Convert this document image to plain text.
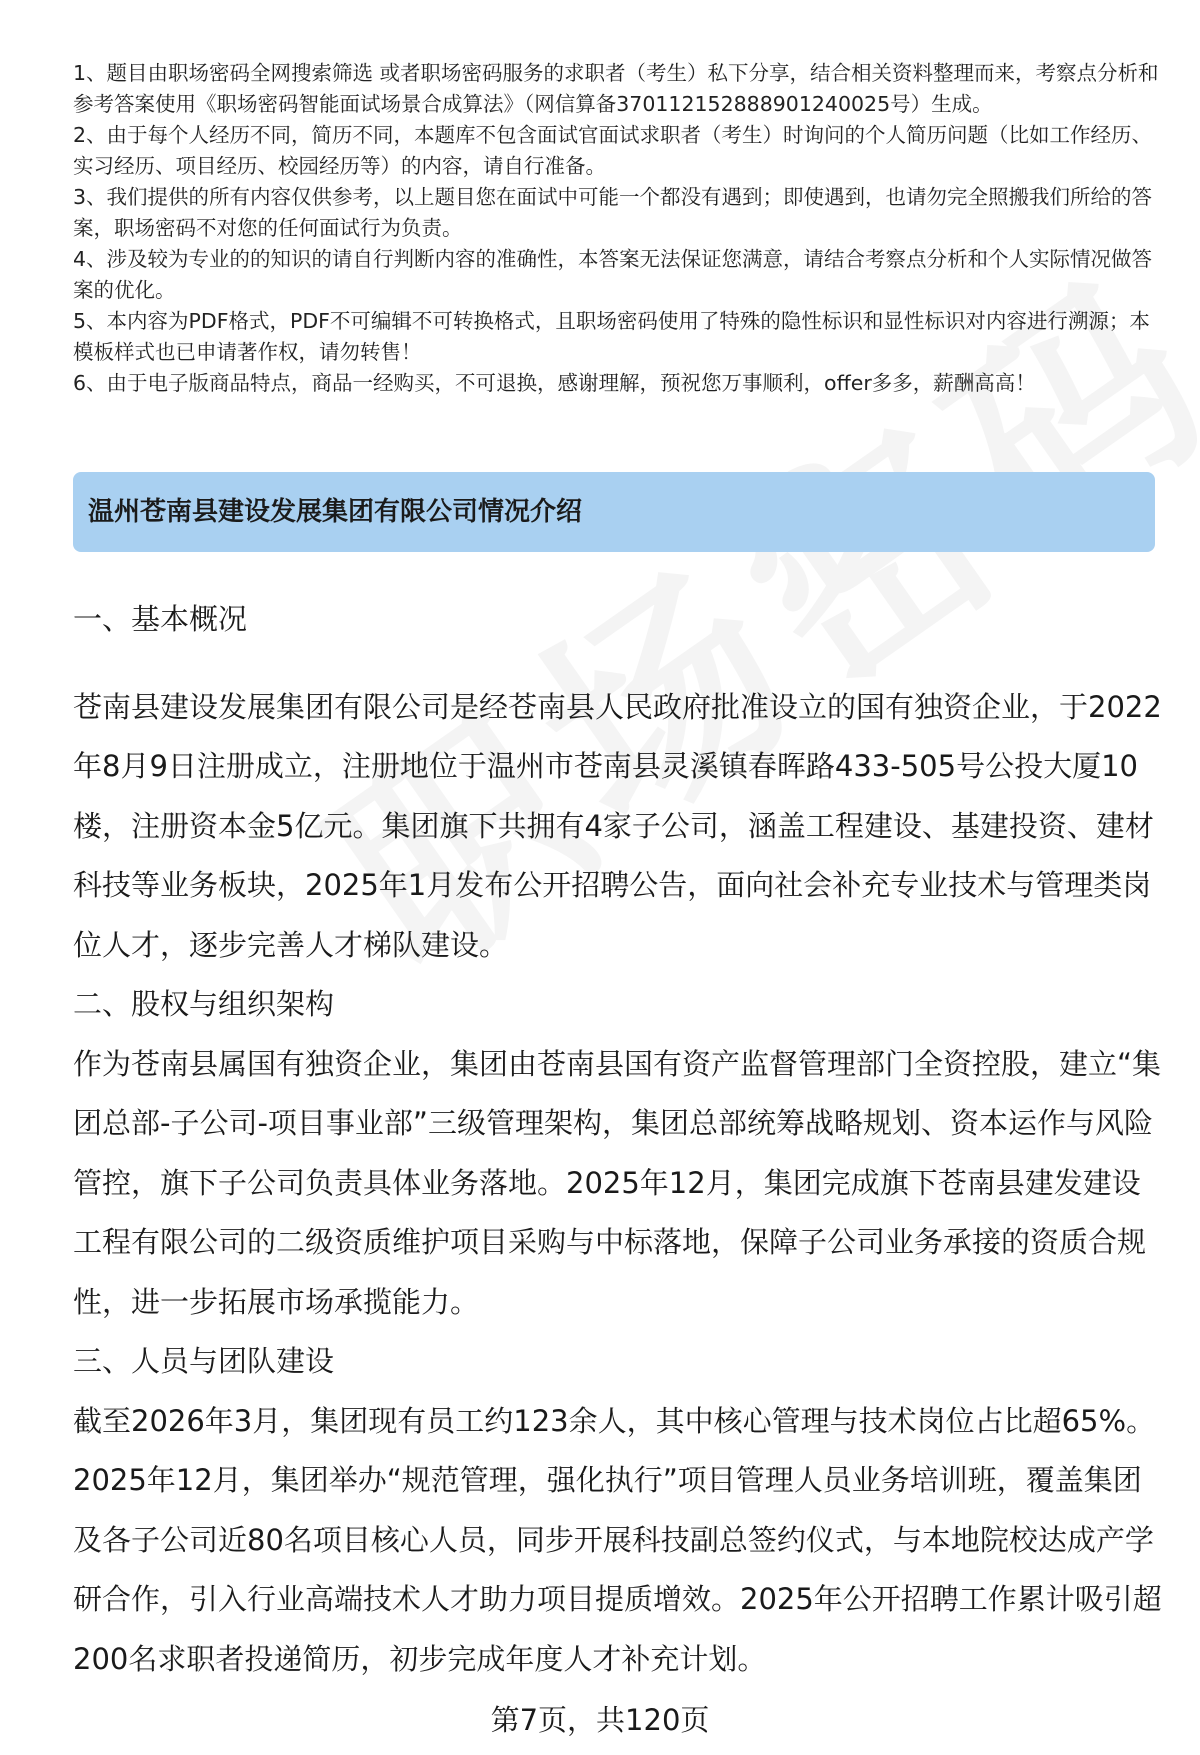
1、题目由职场密码全网搜索筛选 或者职场密码服务的求职者（考生）私下分享，结合相关资料整理而来，考察点分析和参考答案使用《职场密码智能面试场景合成算法》（网信算备370112152888901240025号）生成。

2、由于每个人经历不同，简历不同，本题库不包含面试官面试求职者（考生）时询问的个人简历问题（比如工作经历、实习经历、项目经历、校园经历等）的内容，请自行准备。

3、我们提供的所有内容仅供参考，以上题目您在面试中可能一个都没有遇到；即使遇到，也请勿完全照搬我们所给的答案，职场密码不对您的任何面试行为负责。

4、涉及较为专业的的知识的请自行判断内容的准确性，本答案无法保证您满意，请结合考察点分析和个人实际情况做答案的优化。

5、本内容为PDF格式，PDF不可编辑不可转换格式，且职场密码使用了特殊的隐性标识和显性标识对内容进行溯源；本模板样式也已申请著作权，请勿转售！

6、由于电子版商品特点，商品一经购买，不可退换，感谢理解，预祝您万事顺利，offer多多，薪酬高高！

温州苍南县建设发展集团有限公司情况介绍
一、基本概况

苍南县建设发展集团有限公司是经苍南县人民政府批准设立的国有独资企业，于2022年8月9日注册成立，注册地位于温州市苍南县灵溪镇春晖路433-505号公投大厦10楼，注册资本金5亿元。集团旗下共拥有4家子公司，涵盖工程建设、基建投资、建材科技等业务板块，2025年1月发布公开招聘公告，面向社会补充专业技术与管理类岗位人才，逐步完善人才梯队建设。

二、股权与组织架构

作为苍南县属国有独资企业，集团由苍南县国有资产监督管理部门全资控股，建立“集团总部-子公司-项目事业部”三级管理架构，集团总部统筹战略规划、资本运作与风险管控，旗下子公司负责具体业务落地。2025年12月，集团完成旗下苍南县建发建设工程有限公司的二级资质维护项目采购与中标落地，保障子公司业务承接的资质合规性，进一步拓展市场承揽能力。

三、人员与团队建设

截至2026年3月，集团现有员工约123余人，其中核心管理与技术岗位占比超65%。2025年12月，集团举办“规范管理，强化执行”项目管理人员业务培训班，覆盖集团及各子公司近80名项目核心人员，同步开展科技副总签约仪式，与本地院校达成产学研合作，引入行业高端技术人才助力项目提质增效。2025年公开招聘工作累计吸引超200名求职者投递简历，初步完成年度人才补充计划。

第7页，共120页
